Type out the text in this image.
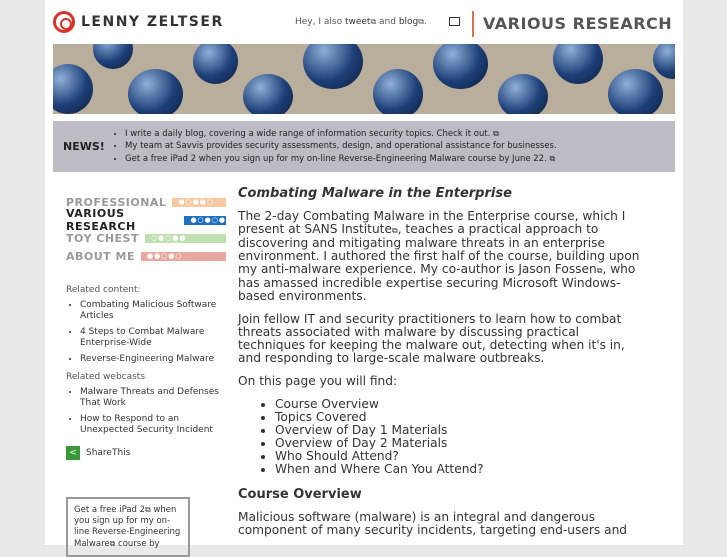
LENNY ZELTSER	Hey, I also tweet⧉ and blog⧉.	VARIOUS RESEARCH
NEWS!
• I write a daily blog, covering a wide range of information security topics. Check it out. ⧉
• My team at Savvis provides security assessments, design, and operational assistance for businesses.
• Get a free iPad 2 when you sign up for my on-line Reverse-Engineering Malware course by June 22. ⧉
PROFESSIONAL	●○●●○
VARIOUS RESEARCH
●○●○●
TOY CHEST	○●○●●
ABOUT ME	●●○●○
Related content:
• Combating Malicious Software Articles
• 4 Steps to Combat Malware Enterprise-Wide
• Reverse-Engineering Malware
Related webcasts
• Malware Threats and Defenses That Work
• How to Respond to an Unexpected Security Incident
<	ShareThis
Get a free iPad 2⧉ when you sign up for my on-line Reverse-Engineering Malware⧉ course by
Combating Malware in the Enterprise

The 2-day Combating Malware in the Enterprise course, which I present at SANS Institute⧉, teaches a practical approach to discovering and mitigating malware threats in an enterprise environment. I authored the first half of the course, building upon my anti-malware experience. My co-author is Jason Fossen⧉, who has amassed incredible expertise securing Microsoft Windows-based environments.

Join fellow IT and security practitioners to learn how to combat threats associated with malware by discussing practical techniques for keeping the malware out, detecting when it's in, and responding to large-scale malware outbreaks.

On this page you will find:

• Course Overview
• Topics Covered
• Overview of Day 1 Materials
• Overview of Day 2 Materials
• Who Should Attend?
• When and Where Can You Attend?
Course Overview

Malicious software (malware) is an integral and dangerous component of many security incidents, targeting end-users and
